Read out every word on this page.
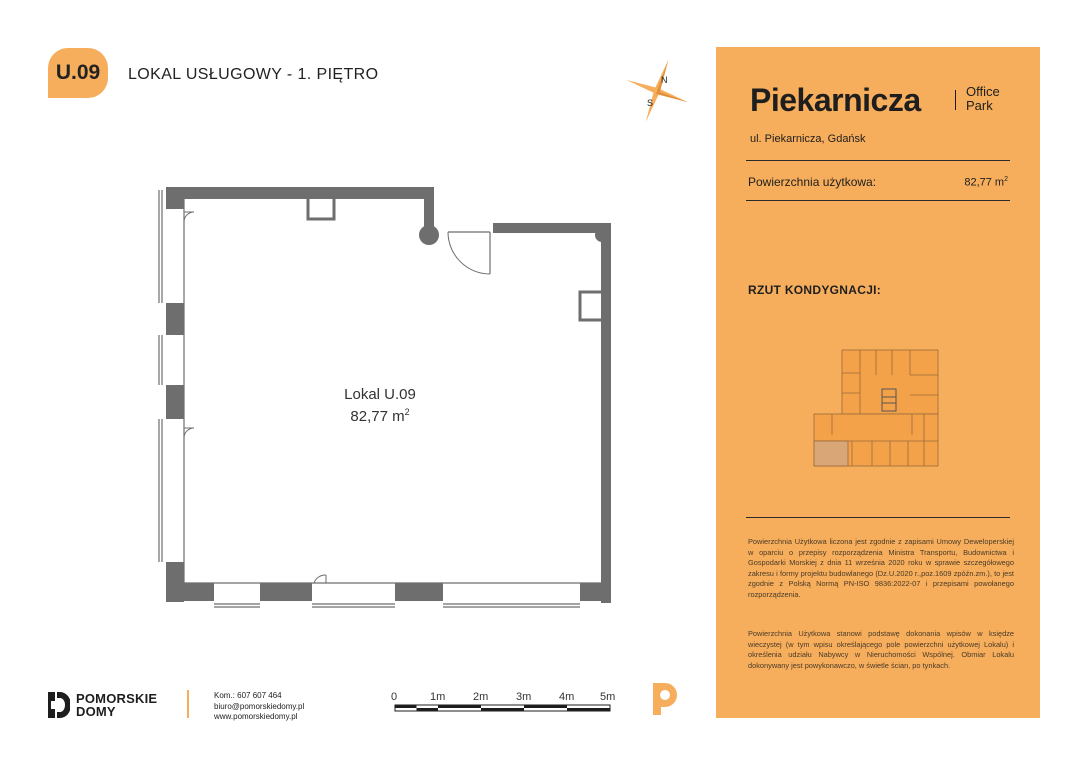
U.09 LOKAL USŁUGOWY - 1. PIĘTRO	N
S
Lokal U.09
82,77 $m^2$
Piekarnicza	Office
Park
ul. Piekarnicza, Gdańsk
Powierzchnia użytkowa:	82,77 $m^2$
RZUT KONDYGNACJI:

Powierzchnia Użytkowa liczona jest zgodnie z zapisami Umowy Deweloperskiej w oparciu o przepisy rozporządzenia Ministra Transportu, Budownictwa i Gospodarki Morskiej z dnia 11 września 2020 roku w sprawie szczegółowego zakresu i formy projektu budowlanego (Dz.U.2020 r.,poz.1609 zpóźn.zm.), to jest zgodnie z Polską Normą PN-ISO 9836:2022-07 i przepisami powołanego rozporządzenia.

Powierzchnia Użytkowa stanowi podstawę dokonania wpisów w księdze wieczystej (w tym wpisu określającego pole powierzchni użytkowej Lokalu) i określenia udziału Nabywcy w Nieruchomości Wspólnej. Obmiar Lokalu dokonywany jest powykonawczo, w świetle ścian, po tynkach.

POMORSKIE
DOMY
Kom.: 607 607 464
biuro@pomorskiedomy.pl
www.pomorskiedomy.pl
0	1m	2m	3m	4m 5m
